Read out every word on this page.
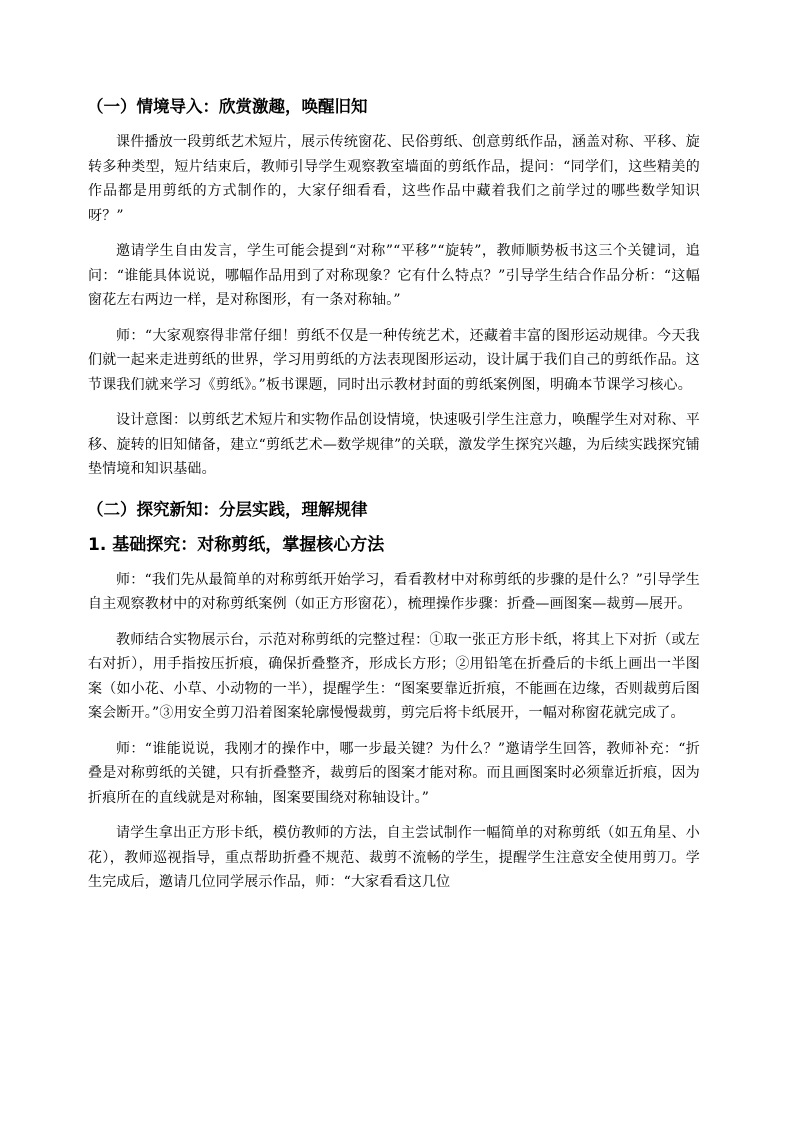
（一）情境导入：欣赏激趣，唤醒旧知

课件播放一段剪纸艺术短片，展示传统窗花、民俗剪纸、创意剪纸作品，涵盖对称、平移、旋转多种类型，短片结束后，教师引导学生观察教室墙面的剪纸作品，提问：“同学们，这些精美的作品都是用剪纸的方式制作的，大家仔细看看，这些作品中藏着我们之前学过的哪些数学知识呀？”

邀请学生自由发言，学生可能会提到“对称”“平移”“旋转”，教师顺势板书这三个关键词，追问：“谁能具体说说，哪幅作品用到了对称现象？它有什么特点？”引导学生结合作品分析：“这幅窗花左右两边一样，是对称图形，有一条对称轴。”

师：“大家观察得非常仔细！剪纸不仅是一种传统艺术，还藏着丰富的图形运动规律。今天我们就一起来走进剪纸的世界，学习用剪纸的方法表现图形运动，设计属于我们自己的剪纸作品。这节课我们就来学习《剪纸》。”板书课题，同时出示教材封面的剪纸案例图，明确本节课学习核心。

设计意图：以剪纸艺术短片和实物作品创设情境，快速吸引学生注意力，唤醒学生对对称、平移、旋转的旧知储备，建立“剪纸艺术—数学规律”的关联，激发学生探究兴趣，为后续实践探究铺垫情境和知识基础。

（二）探究新知：分层实践，理解规律
1. 基础探究：对称剪纸，掌握核心方法

师：“我们先从最简单的对称剪纸开始学习，看看教材中对称剪纸的步骤的是什么？”引导学生自主观察教材中的对称剪纸案例（如正方形窗花），梳理操作步骤：折叠—画图案—裁剪—展开。

教师结合实物展示台，示范对称剪纸的完整过程：①取一张正方形卡纸，将其上下对折（或左右对折），用手指按压折痕，确保折叠整齐，形成长方形；②用铅笔在折叠后的卡纸上画出一半图案（如小花、小草、小动物的一半），提醒学生：“图案要靠近折痕，不能画在边缘，否则裁剪后图案会断开。”③用安全剪刀沿着图案轮廓慢慢裁剪，剪完后将卡纸展开，一幅对称窗花就完成了。

师：“谁能说说，我刚才的操作中，哪一步最关键？为什么？”邀请学生回答，教师补充：“折叠是对称剪纸的关键，只有折叠整齐，裁剪后的图案才能对称。而且画图案时必须靠近折痕，因为折痕所在的直线就是对称轴，图案要围绕对称轴设计。”

请学生拿出正方形卡纸，模仿教师的方法，自主尝试制作一幅简单的对称剪纸（如五角星、小花），教师巡视指导，重点帮助折叠不规范、裁剪不流畅的学生，提醒学生注意安全使用剪刀。学生完成后，邀请几位同学展示作品，师：“大家看看这几位
